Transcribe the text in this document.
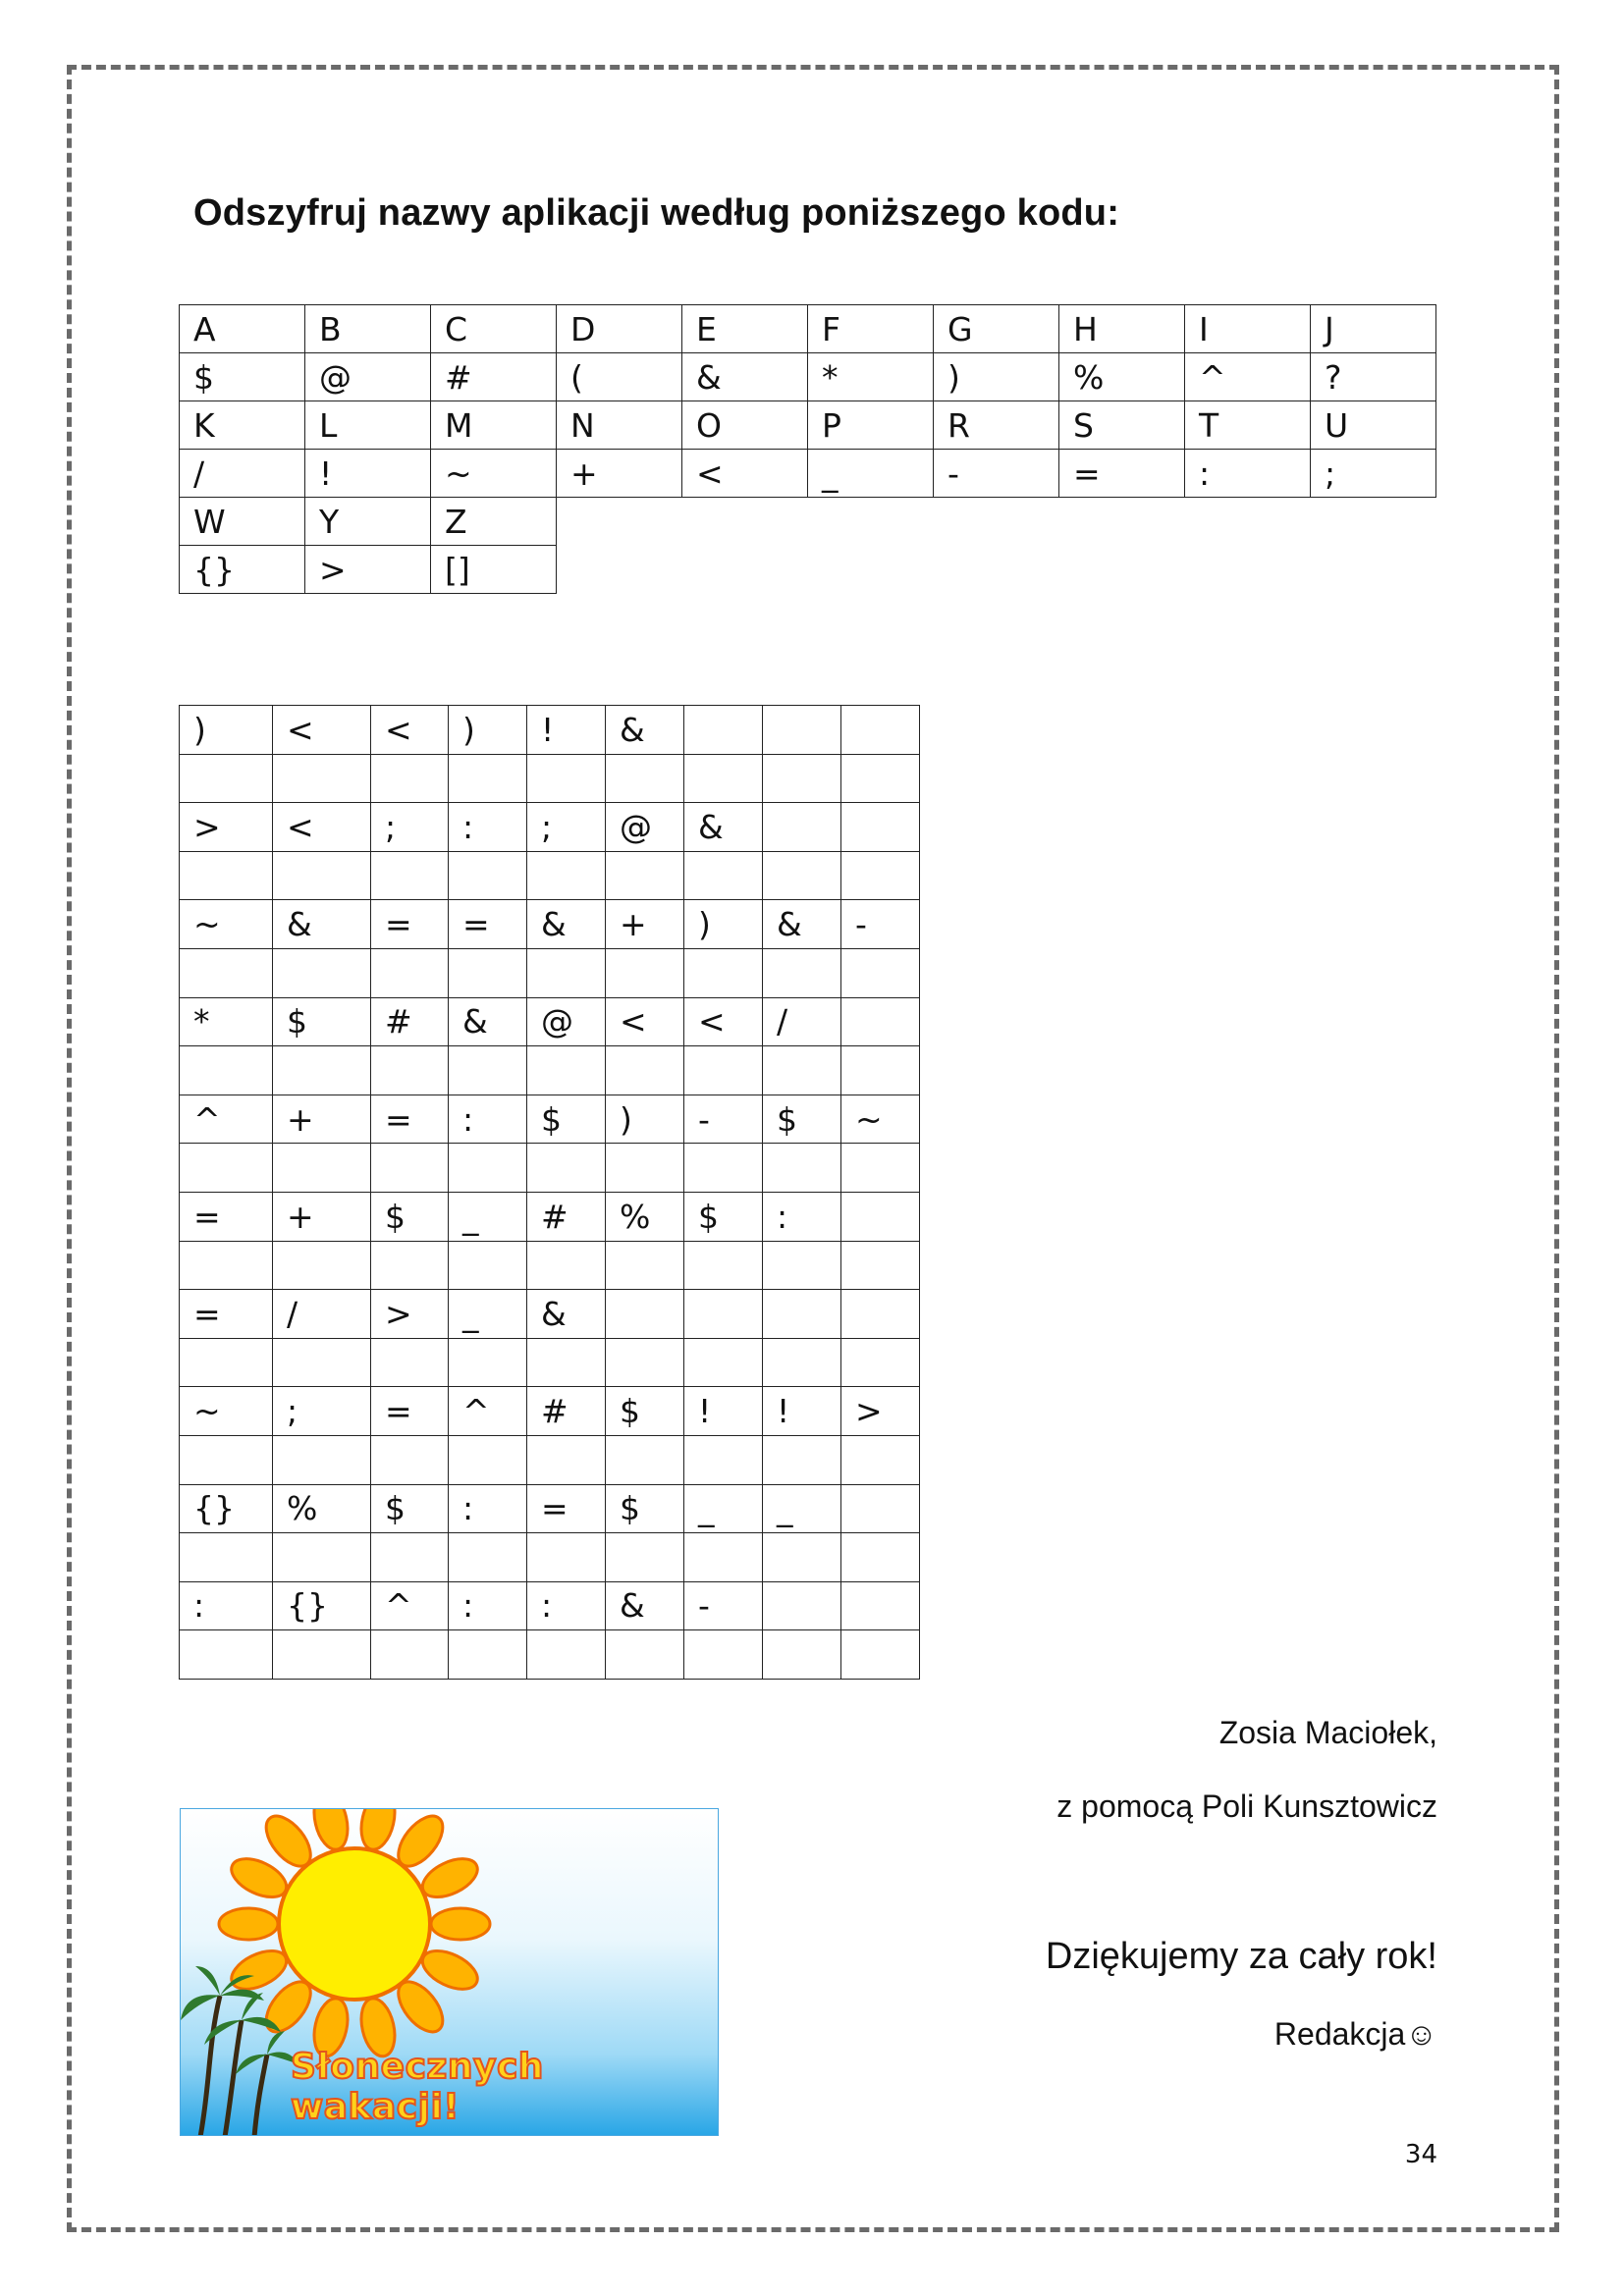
Odszyfruj nazwy aplikacji według poniższego kodu:
A	B	C	D	E	F	G	H	I	J
$	@	#	(	&	*	)	%	^	?
K	L	M	N	O	P	R	S	T	U
/	!	~	+	<	_	-	=	:	;
W	Y	Z							
{}	>	[]							
)	<	<	)	!	&			

>	<	;	:	;	@	&		

~	&	=	=	&	+	)	&	-

*	$	#	&	@	<	<	/	

^	+	=	:	$	)	-	$	~

=	+	$	_	#	%	$	:	

=	/	>	_	&				

~	;	=	^	#	$	!	!	>

{}	%	$	:	=	$	_	_	

:	{}	^	:	:	&	-		

Słonecznych wakacji!
Zosia Maciołek,
z pomocą Poli Kunsztowicz
Dziękujemy za cały rok!
Redakcja☺
34
